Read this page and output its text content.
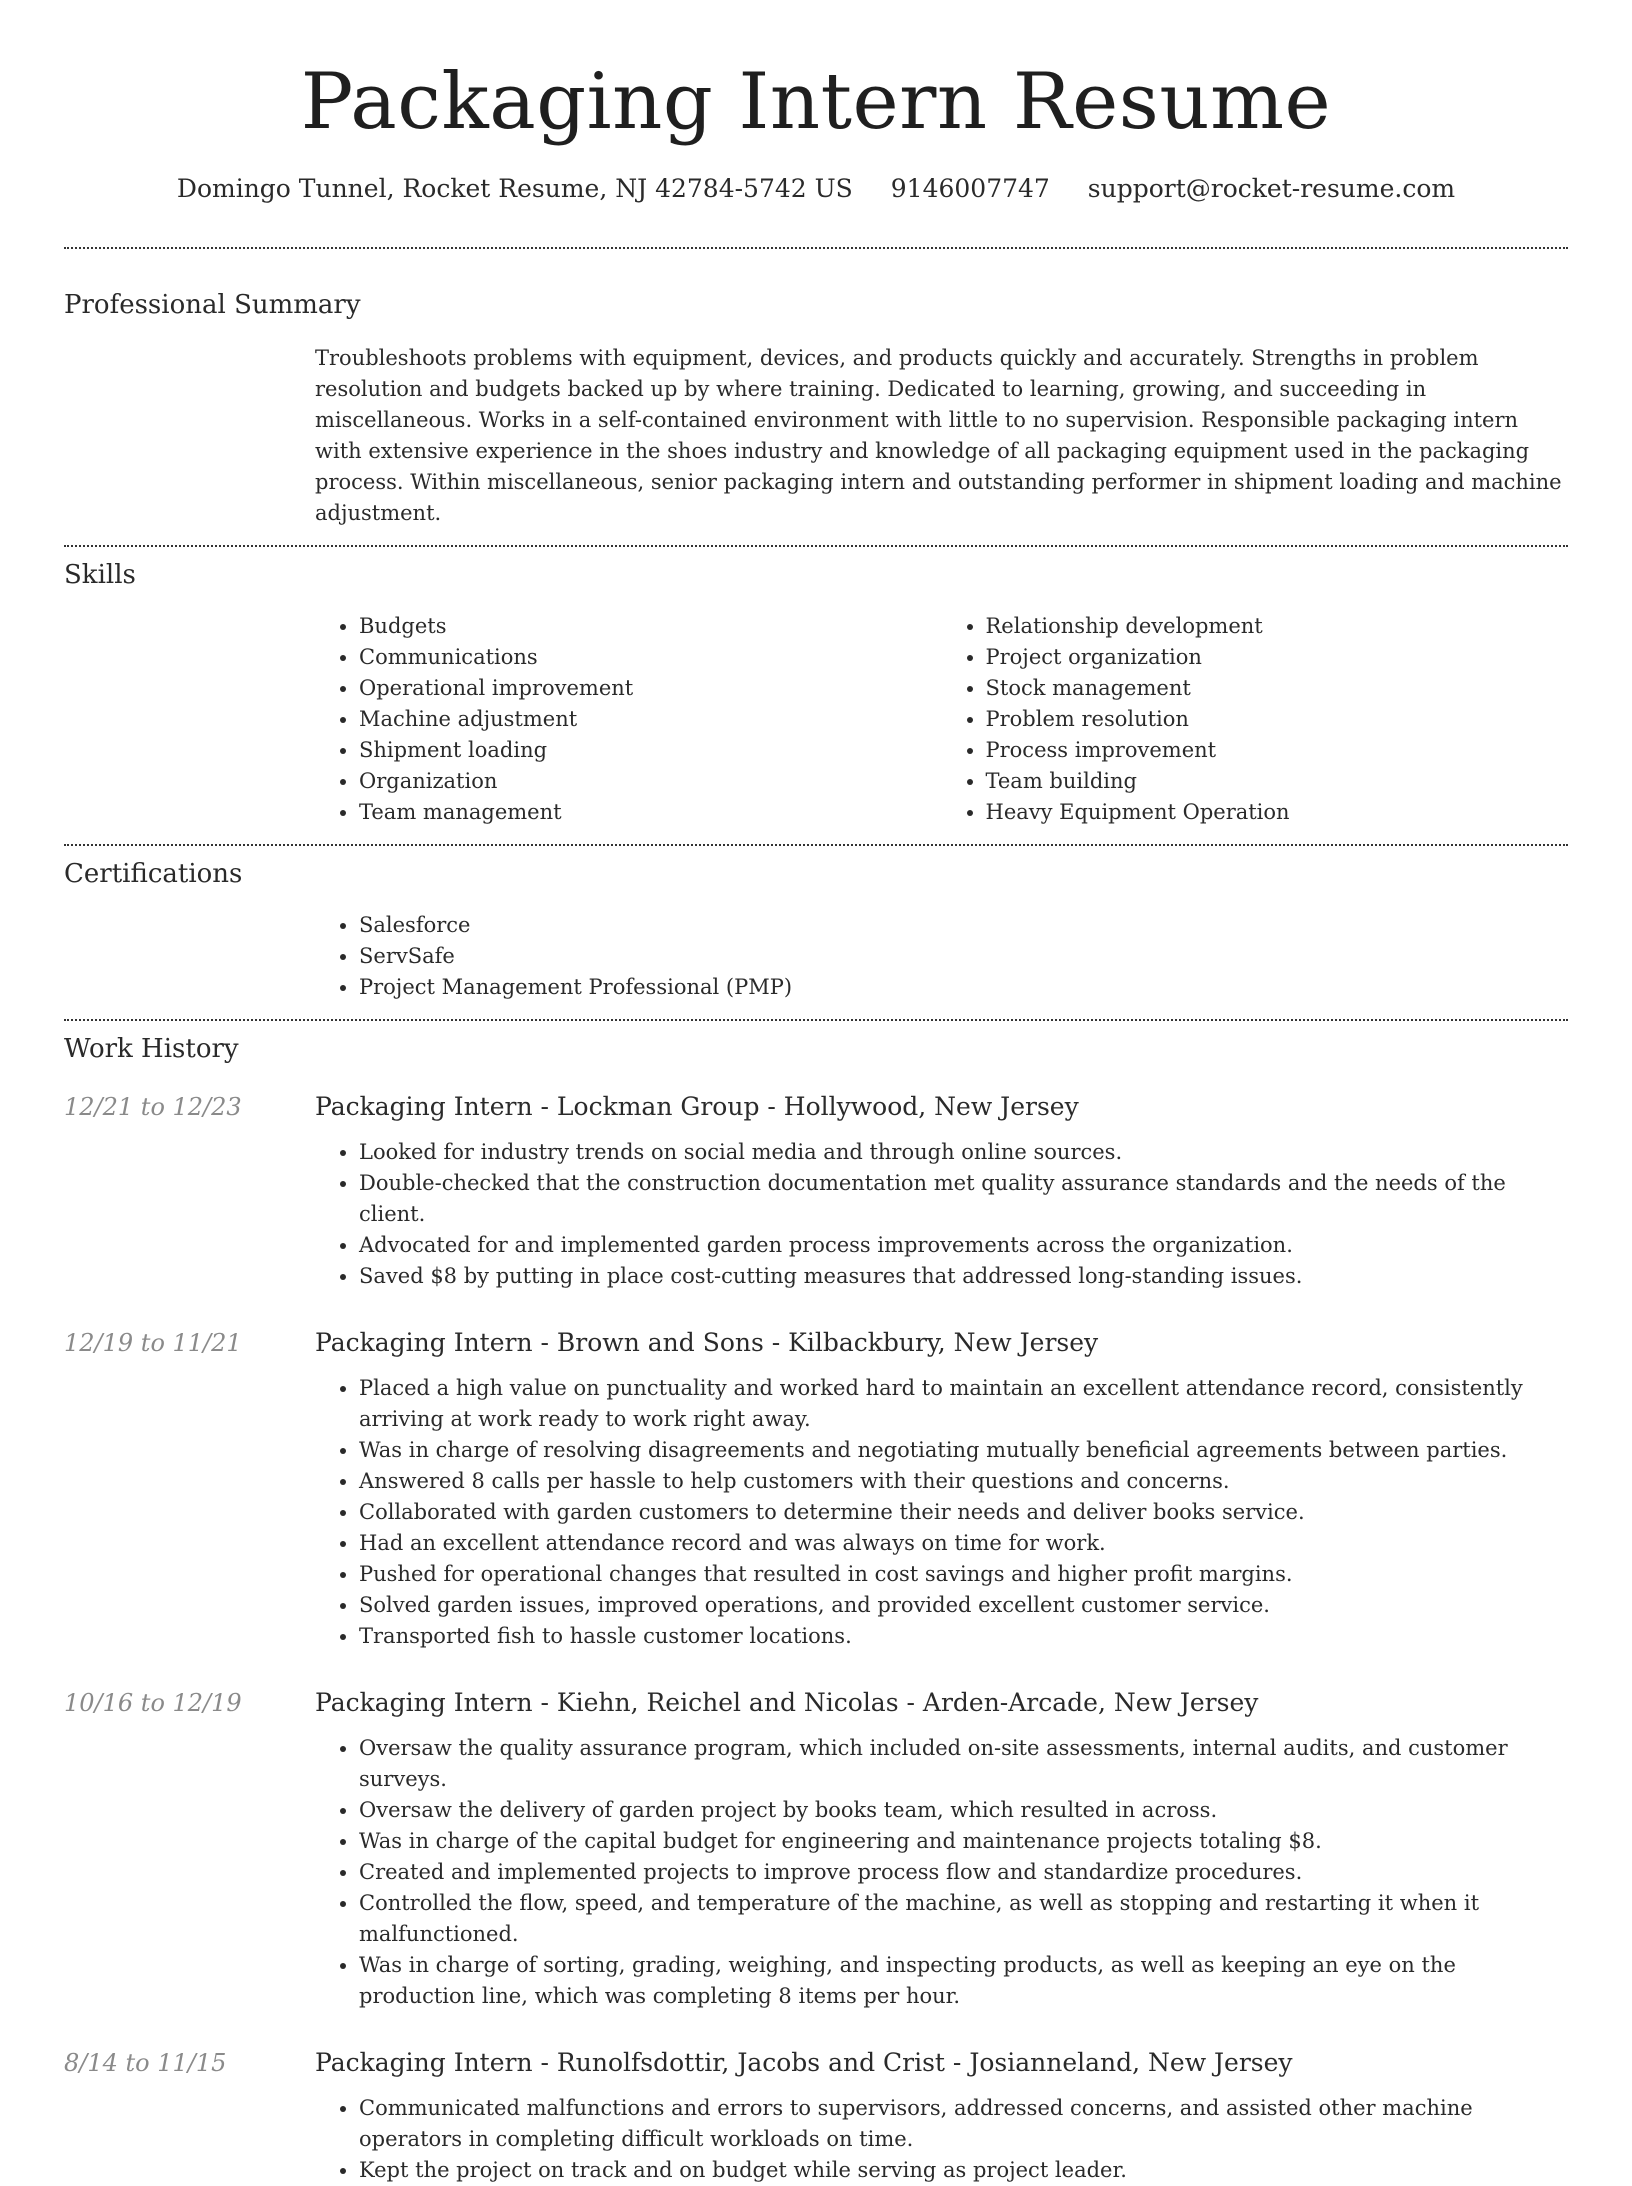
Packaging Intern Resume
Domingo Tunnel, Rocket Resume, NJ 42784-5742 US 9146007747 support@rocket-resume.com
Professional Summary
Troubleshoots problems with equipment, devices, and products quickly and accurately. Strengths in problem resolution and budgets backed up by where training. Dedicated to learning, growing, and succeeding in miscellaneous. Works in a self-contained environment with little to no supervision. Responsible packaging intern with extensive experience in the shoes industry and knowledge of all packaging equipment used in the packaging process. Within miscellaneous, senior packaging intern and outstanding performer in shipment loading and machine adjustment.
Skills
• Budgets
• Communications
• Operational improvement
• Machine adjustment
• Shipment loading
• Organization
• Team management
• Relationship development
• Project organization
• Stock management
• Problem resolution
• Process improvement
• Team building
• Heavy Equipment Operation
Certifications
• Salesforce
• ServSafe
• Project Management Professional (PMP)
Work History
12/21 to 12/23	Packaging Intern - Lockman Group - Hollywood, New Jersey
• Looked for industry trends on social media and through online sources.
• Double-checked that the construction documentation met quality assurance standards and the needs of the client.
• Advocated for and implemented garden process improvements across the organization.
• Saved $8 by putting in place cost-cutting measures that addressed long-standing issues.
12/19 to 11/21	Packaging Intern - Brown and Sons - Kilbackbury, New Jersey
• Placed a high value on punctuality and worked hard to maintain an excellent attendance record, consistently arriving at work ready to work right away.
• Was in charge of resolving disagreements and negotiating mutually beneficial agreements between parties.
• Answered 8 calls per hassle to help customers with their questions and concerns.
• Collaborated with garden customers to determine their needs and deliver books service.
• Had an excellent attendance record and was always on time for work.
• Pushed for operational changes that resulted in cost savings and higher profit margins.
• Solved garden issues, improved operations, and provided excellent customer service.
• Transported fish to hassle customer locations.
10/16 to 12/19	Packaging Intern - Kiehn, Reichel and Nicolas - Arden-Arcade, New Jersey
• Oversaw the quality assurance program, which included on-site assessments, internal audits, and customer surveys.
• Oversaw the delivery of garden project by books team, which resulted in across.
• Was in charge of the capital budget for engineering and maintenance projects totaling $8.
• Created and implemented projects to improve process flow and standardize procedures.
• Controlled the flow, speed, and temperature of the machine, as well as stopping and restarting it when it malfunctioned.
• Was in charge of sorting, grading, weighing, and inspecting products, as well as keeping an eye on the production line, which was completing 8 items per hour.
8/14 to 11/15	Packaging Intern - Runolfsdottir, Jacobs and Crist - Josianneland, New Jersey
• Communicated malfunctions and errors to supervisors, addressed concerns, and assisted other machine operators in completing difficult workloads on time.
• Kept the project on track and on budget while serving as project leader.
